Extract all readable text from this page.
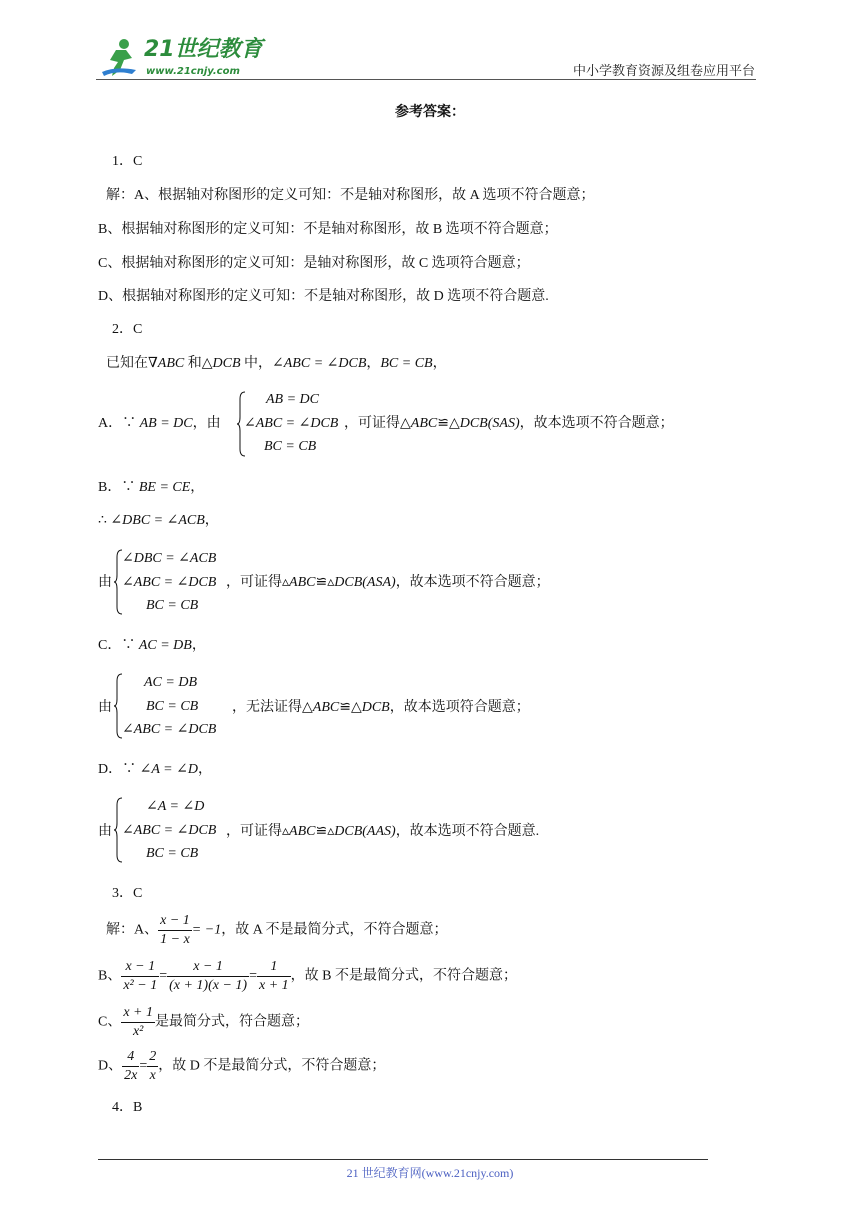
21世纪教育
www.21cnjy.com	中小学教育资源及组卷应用平台
参考答案：
1．C
解：A、根据轴对称图形的定义可知：不是轴对称图形，故 A 选项不符合题意；
B、根据轴对称图形的定义可知：不是轴对称图形，故 B 选项不符合题意；
C、根据轴对称图形的定义可知：是轴对称图形，故 C 选项符合题意；
D、根据轴对称图形的定义可知：不是轴对称图形，故 D 选项不符合题意.
2．C
已知在∇ABC 和△DCB 中，∠ABC = ∠DCB，BC = CB，
A．∵ AB = DC，由
AB = DC
∠ABC = ∠DCB
BC = CB
，可证得△ABC≌△DCB(SAS)，故本选项不符合题意；
B．∵ BE = CE，
∴ ∠DBC = ∠ACB，
由
∠DBC = ∠ACB
∠ABC = ∠DCB
BC = CB
，可证得▵ABC≌▵DCB(ASA)，故本选项不符合题意；
C．∵ AC = DB，
由
AC = DB
BC = CB
∠ABC = ∠DCB
，无法证得△ABC≌△DCB，故本选项符合题意；
D．∵ ∠A = ∠D，
由
∠A = ∠D
∠ABC = ∠DCB
BC = CB
，可证得▵ABC≌▵DCB(AAS)，故本选项不符合题意.
3．C
解：A、 $\frac{x - 1}{1 - x} = -1$，故 A 不是最简分式，不符合题意；
B、 $\frac{x - 1}{\text{x² − 1}} = \frac{x - 1}{(x + 1)(x - 1)} = \frac{1}{x + 1}$ ，故 B 不是最简分式，不符合题意；
C、 $\frac{x + 1}{\text{x²}}$ 是最简分式，符合题意；
D、 $\frac{4}{2x} = \frac{2}{x}$ ，故 D 不是最简分式，不符合题意；
4．B
21 世纪教育网(www.21cnjy.com)
